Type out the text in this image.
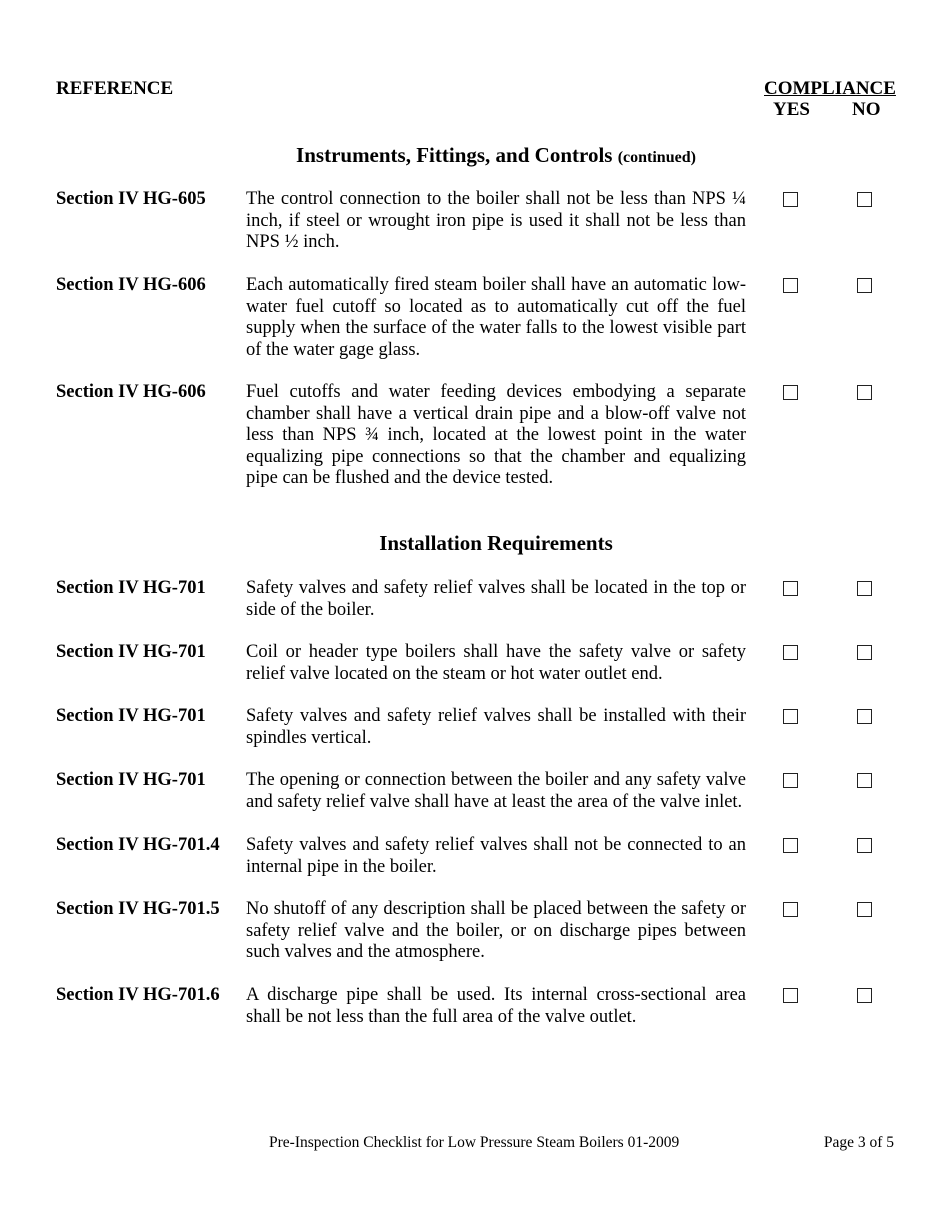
REFERENCE	COMPLIANCE
YES NO
Instruments, Fittings, and Controls (continued)
Section IV HG-605 The control connection to the boiler shall not be less than NPS ¼ inch, if steel or wrought iron pipe is used it shall not be less than NPS ½ inch.
Section IV HG-606 Each automatically fired steam boiler shall have an automatic low-water fuel cutoff so located as to automatically cut off the fuel supply when the surface of the water falls to the lowest visible part of the water gage glass.
Section IV HG-606 Fuel cutoffs and water feeding devices embodying a separate chamber shall have a vertical drain pipe and a blow-off valve not less than NPS ¾ inch, located at the lowest point in the water equalizing pipe connections so that the chamber and equalizing pipe can be flushed and the device tested.
Installation Requirements
Section IV HG-701 Safety valves and safety relief valves shall be located in the top or side of the boiler.
Section IV HG-701 Coil or header type boilers shall have the safety valve or safety relief valve located on the steam or hot water outlet end.
Section IV HG-701 Safety valves and safety relief valves shall be installed with their spindles vertical.
Section IV HG-701 The opening or connection between the boiler and any safety valve and safety relief valve shall have at least the area of the valve inlet.
Section IV HG-701.4 Safety valves and safety relief valves shall not be connected to an internal pipe in the boiler.
Section IV HG-701.5 No shutoff of any description shall be placed between the safety or safety relief valve and the boiler, or on discharge pipes between such valves and the atmosphere.
Section IV HG-701.6 A discharge pipe shall be used. Its internal cross-sectional area shall be not less than the full area of the valve outlet.
Pre-Inspection Checklist for Low Pressure Steam Boilers 01-2009	Page 3 of 5
